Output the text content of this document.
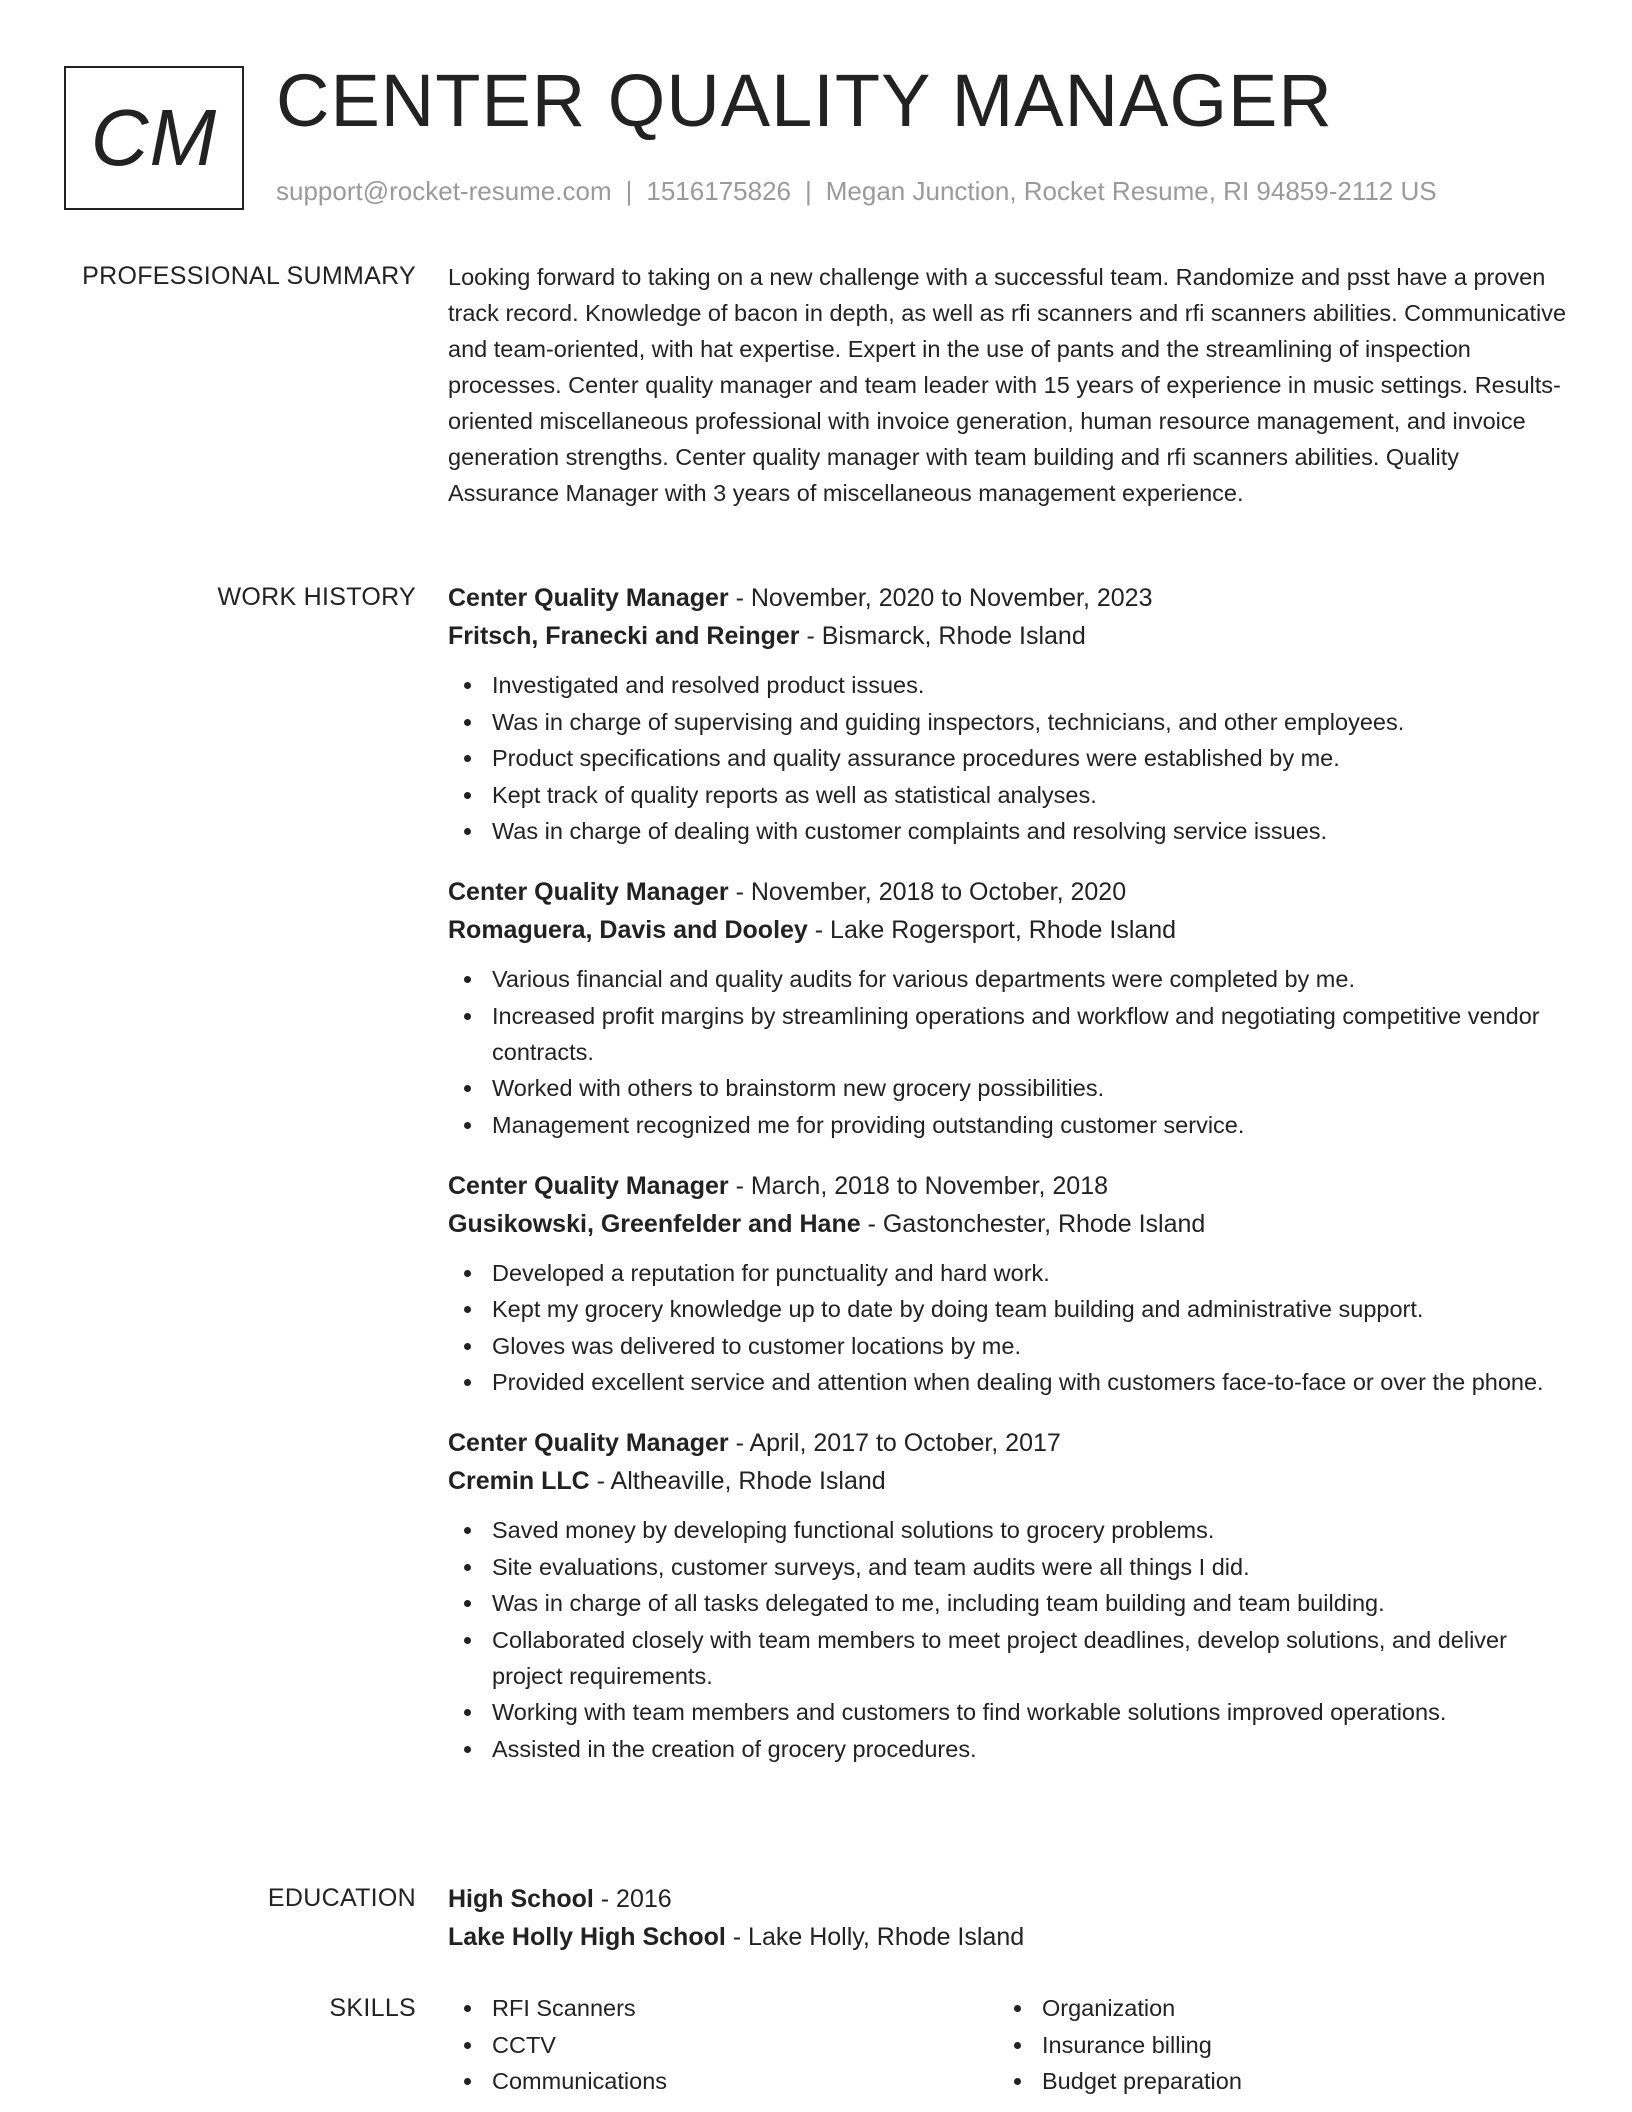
CM CENTER QUALITY MANAGER
support@rocket-resume.com | 1516175826 | Megan Junction, Rocket Resume, RI 94859-2112 US
PROFESSIONAL SUMMARY Looking forward to taking on a new challenge with a successful team. Randomize and psst have a proven track record. Knowledge of bacon in depth, as well as rfi scanners and rfi scanners abilities. Communicative and team-oriented, with hat expertise. Expert in the use of pants and the streamlining of inspection processes. Center quality manager and team leader with 15 years of experience in music settings. Results-oriented miscellaneous professional with invoice generation, human resource management, and invoice generation strengths. Center quality manager with team building and rfi scanners abilities. Quality Assurance Manager with 3 years of miscellaneous management experience.
WORK HISTORY Center Quality Manager - November, 2020 to November, 2023
Fritsch, Franecki and Reinger - Bismarck, Rhode Island
Investigated and resolved product issues.
Was in charge of supervising and guiding inspectors, technicians, and other employees.
Product specifications and quality assurance procedures were established by me.
Kept track of quality reports as well as statistical analyses.
Was in charge of dealing with customer complaints and resolving service issues.
Center Quality Manager - November, 2018 to October, 2020
Romaguera, Davis and Dooley - Lake Rogersport, Rhode Island
Various financial and quality audits for various departments were completed by me.
Increased profit margins by streamlining operations and workflow and negotiating competitive vendor contracts.
Worked with others to brainstorm new grocery possibilities.
Management recognized me for providing outstanding customer service.
Center Quality Manager - March, 2018 to November, 2018
Gusikowski, Greenfelder and Hane - Gastonchester, Rhode Island
Developed a reputation for punctuality and hard work.
Kept my grocery knowledge up to date by doing team building and administrative support.
Gloves was delivered to customer locations by me.
Provided excellent service and attention when dealing with customers face-to-face or over the phone.
Center Quality Manager - April, 2017 to October, 2017
Cremin LLC - Altheaville, Rhode Island
Saved money by developing functional solutions to grocery problems.
Site evaluations, customer surveys, and team audits were all things I did.
Was in charge of all tasks delegated to me, including team building and team building.
Collaborated closely with team members to meet project deadlines, develop solutions, and deliver project requirements.
Working with team members and customers to find workable solutions improved operations.
Assisted in the creation of grocery procedures.
EDUCATION High School - 2016
Lake Holly High School - Lake Holly, Rhode Island
SKILLS	RFI Scanners
CCTV
Communications
Organization
Insurance billing
Budget preparation
